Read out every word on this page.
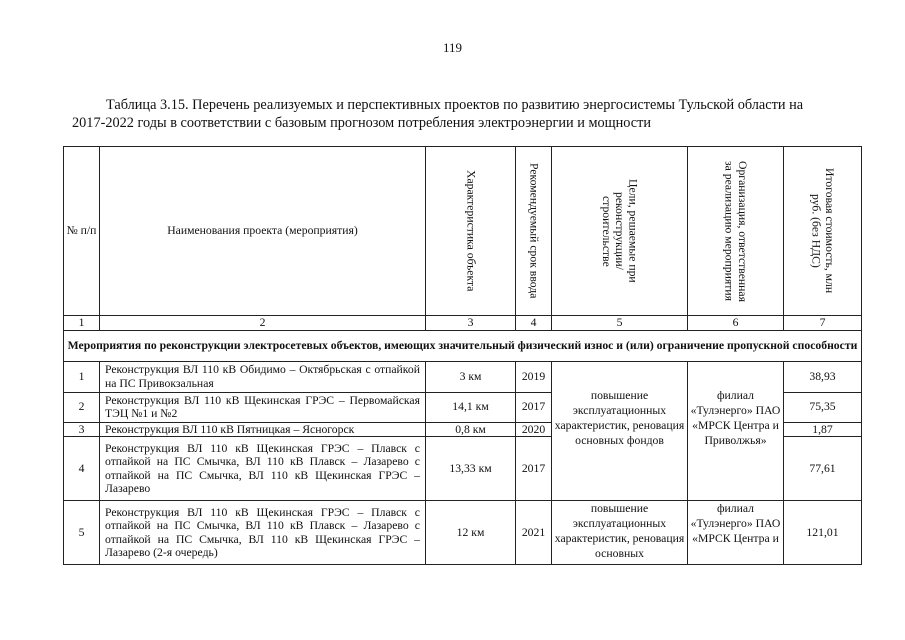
119
Таблица 3.15. Перечень реализуемых и перспективных проектов по развитию энергосистемы Тульской области на
2017-2022 годы в соответствии с базовым прогнозом потребления электроэнергии и мощности
№ п/п	Наименования проекта (мероприятия)	Характеристика объекта	Рекомендуемый срок ввода	Цели, решаемые при реконструкции/ строительстве	Организация, ответственная за реализацию мероприятия	Итоговая стоимость, млн руб. (без НДС)

1	2	3	4	5	6	7
Мероприятия по реконструкции электросетевых объектов, имеющих значительный физический износ и (или) ограничение пропускной способности						
1	Реконструкция ВЛ 110 кВ Обидимо – Октябрьская с отпайкой на ПС Привокзальная	3 км	2019	повышение эксплуатационных характеристик, реновация основных фондов	филиал «Тулэнерго» ПАО «МРСК Центра и Приволжья»	38,93
2	Реконструкция ВЛ 110 кВ Щекинская ГРЭС – Первомайская ТЭЦ №1 и №2	14,1 км	2017			75,35
3	Реконструкция ВЛ 110 кВ Пятницкая – Ясногорск	0,8 км	2020			1,87
4	Реконструкция ВЛ 110 кВ Щекинская ГРЭС – Плавск с отпайкой на ПС Смычка, ВЛ 110 кВ Плавск – Лазарево с отпайкой на ПС Смычка, ВЛ 110 кВ Щекинская ГРЭС – Лазарево	13,33 км	2017			77,61
5	Реконструкция ВЛ 110 кВ Щекинская ГРЭС – Плавск с отпайкой на ПС Смычка, ВЛ 110 кВ Плавск – Лазарево с отпайкой на ПС Смычка, ВЛ 110 кВ Щекинская ГРЭС – Лазарево (2-я очередь)	12 км	2021	повышение эксплуатационных характеристик, реновация основных	филиал «Тулэнерго» ПАО «МРСК Центра и	121,01
